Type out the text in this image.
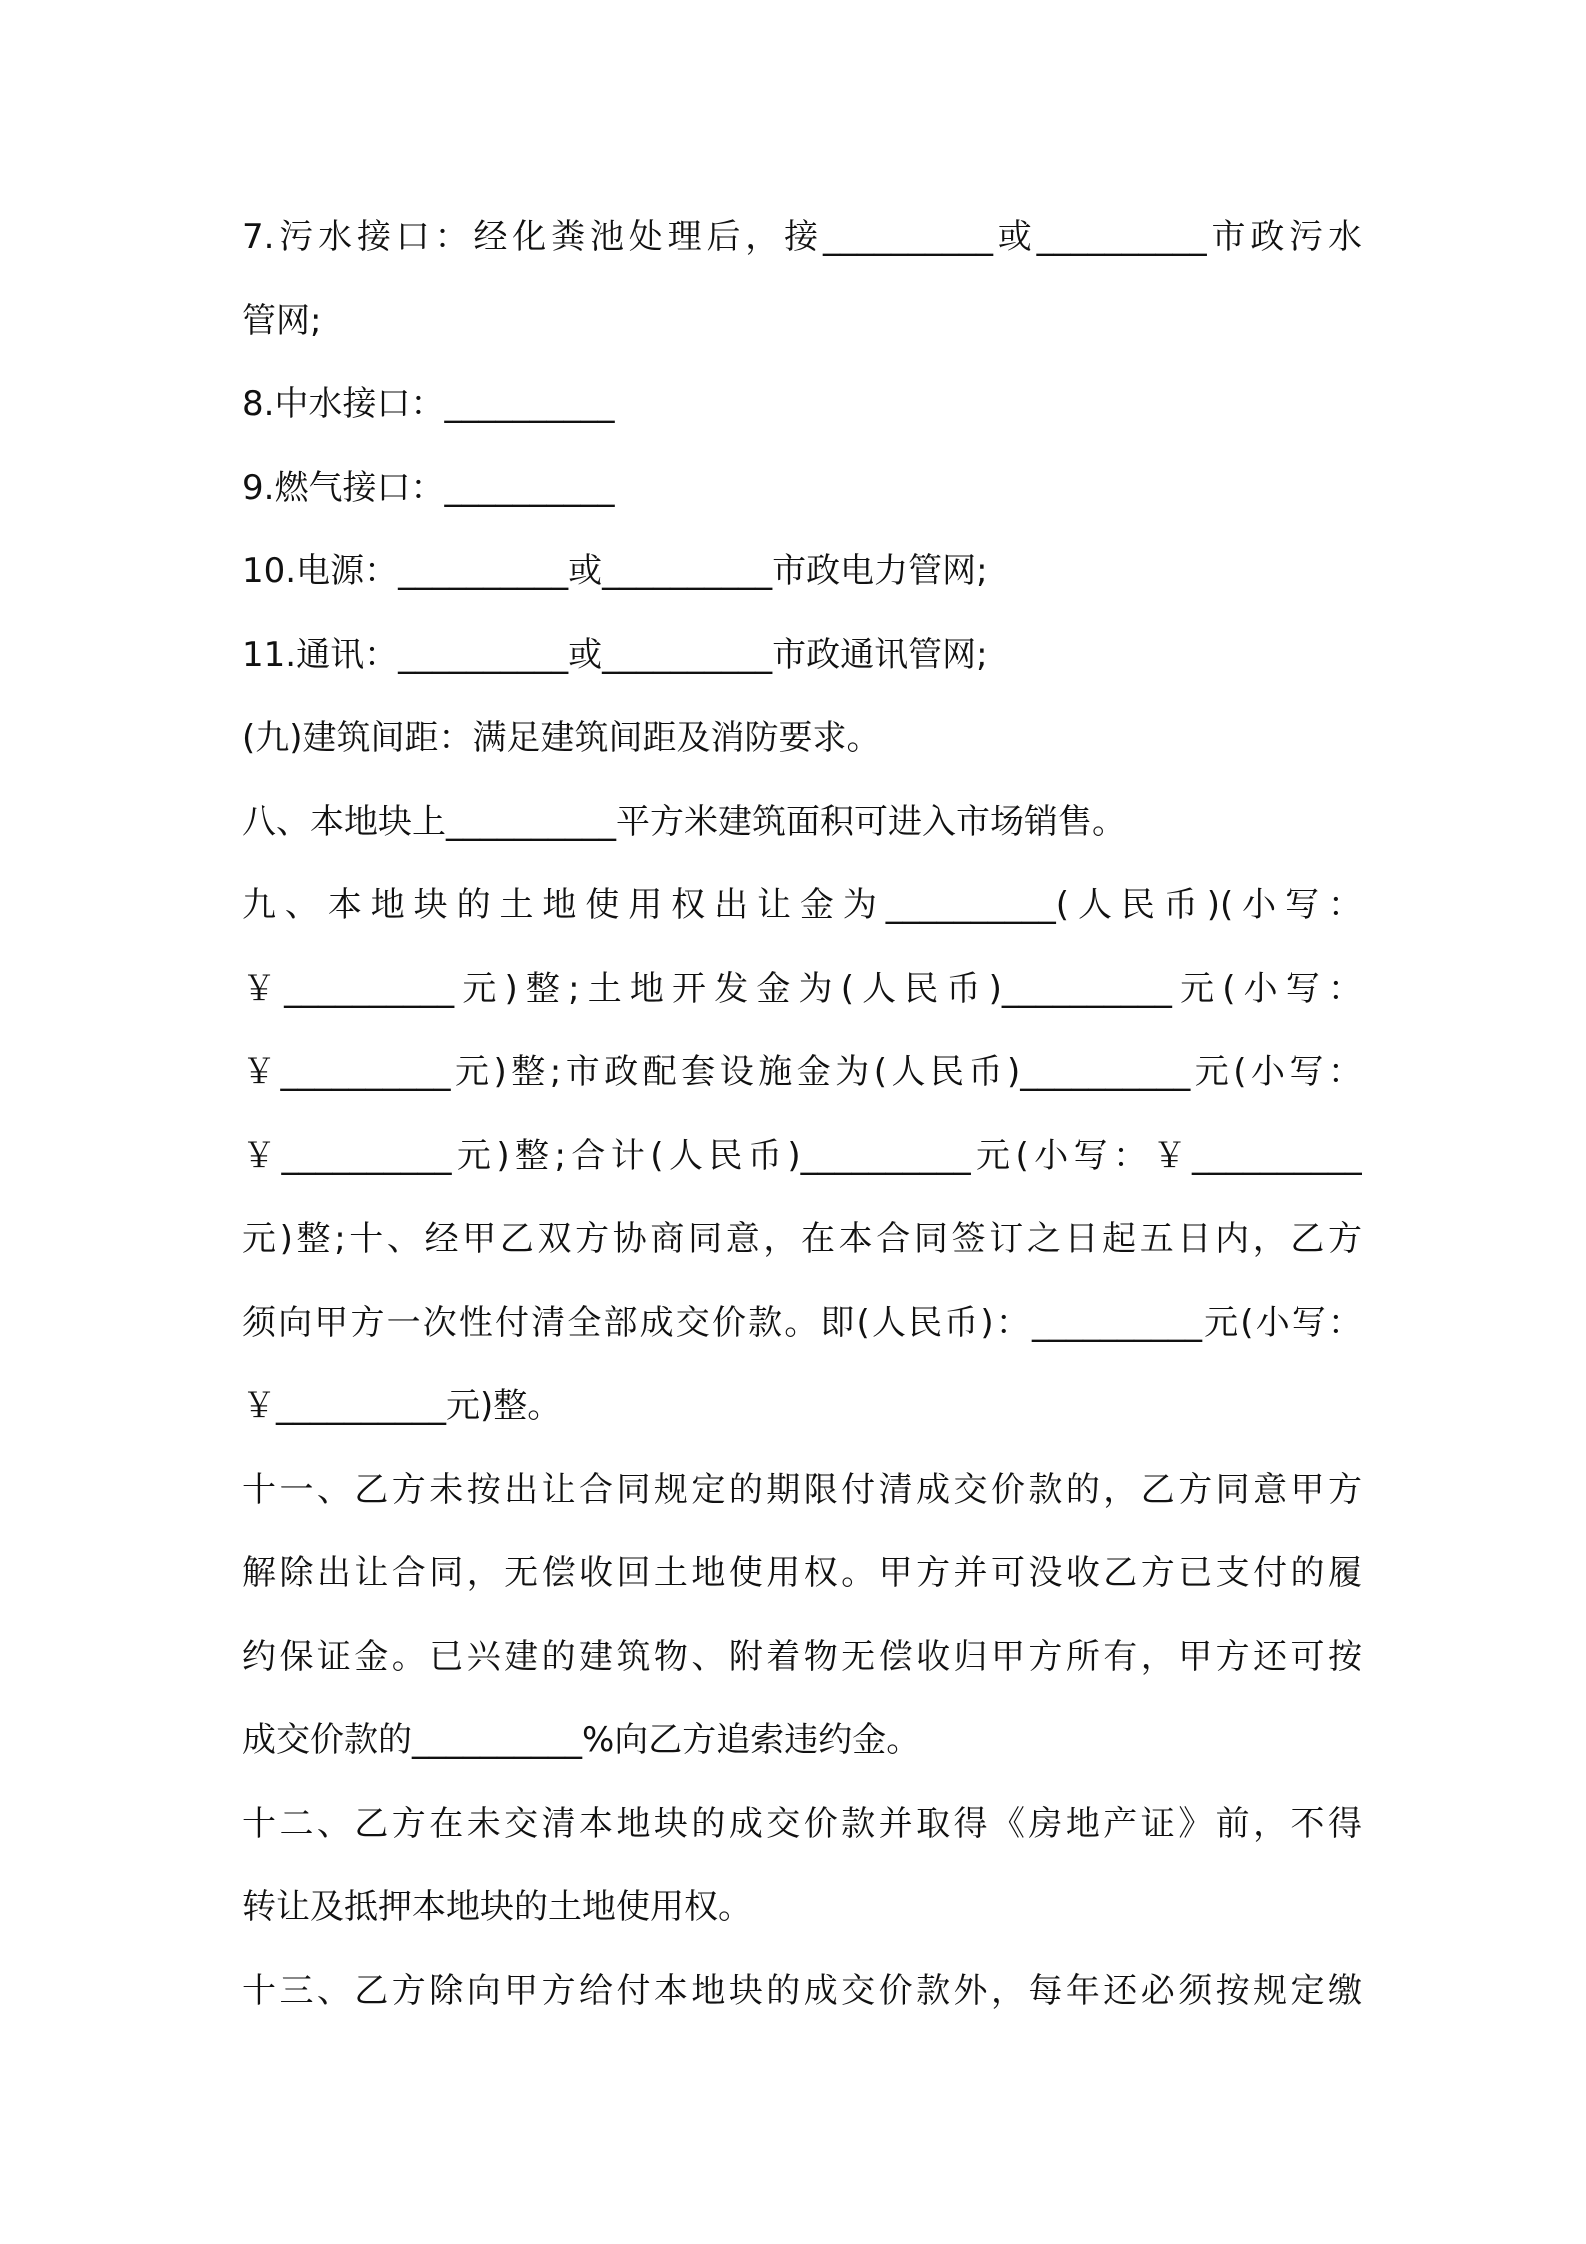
7.污水接口：经化粪池处理后，接__________或__________市政污水
管网;
8.中水接口：__________
9.燃气接口：__________
10.电源：__________或__________市政电力管网;
11.通讯：__________或__________市政通讯管网;
(九)建筑间距：满足建筑间距及消防要求。
八、本地块上__________平方米建筑面积可进入市场销售。
九、本地块的土地使用权出让金为__________(人民币)(小写：
￥__________元)整;土地开发金为(人民币)__________元(小写：
￥__________元)整;市政配套设施金为(人民币)__________元(小写：
￥__________元)整;合计(人民币)__________元(小写：￥__________
元)整;十、经甲乙双方协商同意，在本合同签订之日起五日内，乙方
须向甲方一次性付清全部成交价款。即(人民币)：__________元(小写：
￥__________元)整。
十一、乙方未按出让合同规定的期限付清成交价款的，乙方同意甲方
解除出让合同，无偿收回土地使用权。甲方并可没收乙方已支付的履
约保证金。已兴建的建筑物、附着物无偿收归甲方所有，甲方还可按
成交价款的__________%向乙方追索违约金。
十二、乙方在未交清本地块的成交价款并取得《房地产证》前，不得
转让及抵押本地块的土地使用权。
十三、乙方除向甲方给付本地块的成交价款外，每年还必须按规定缴
